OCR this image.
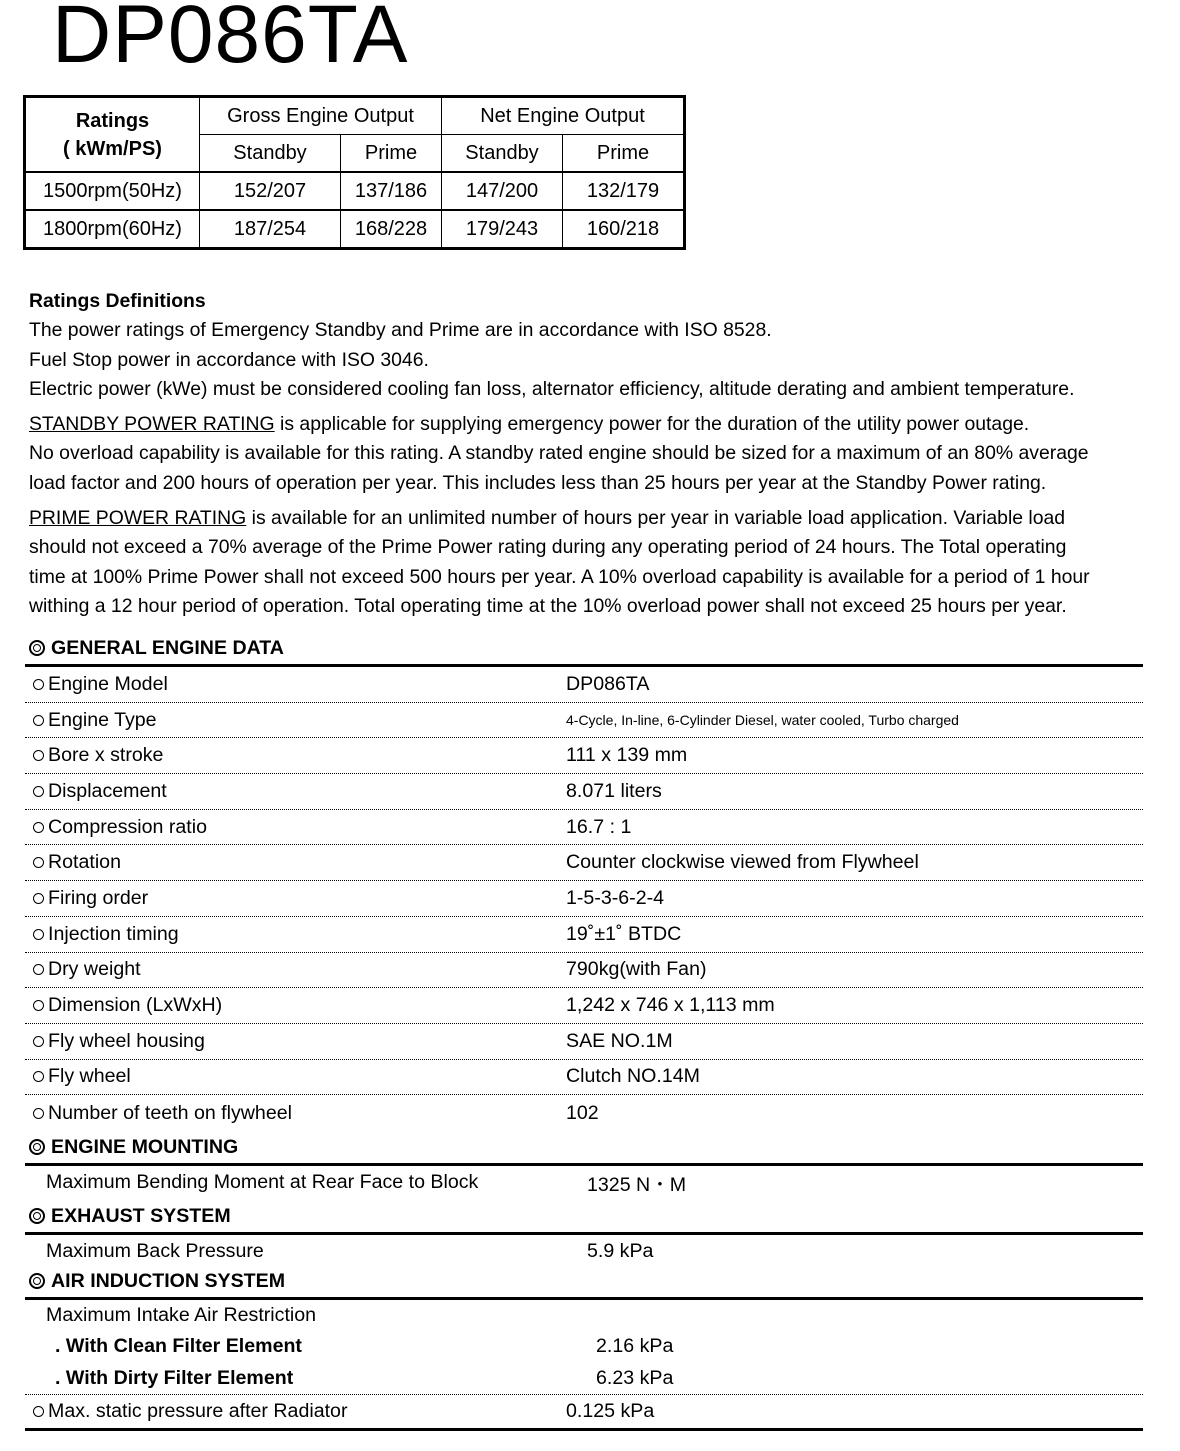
DP086TA
Ratings
( kWm/PS)	Gross Engine Output		Net Engine Output	
	Standby	Prime	Standby	Prime
1500rpm(50Hz)	152/207	137/186	147/200	132/179
1800rpm(60Hz)	187/254	168/228	179/243	160/218

Ratings Definitions

The power ratings of Emergency Standby and Prime are in accordance with ISO 8528.

Fuel Stop power in accordance with ISO 3046.

Electric power (kWe) must be considered cooling fan loss, alternator efficiency, altitude derating and ambient temperature.

STANDBY POWER RATING is applicable for supplying emergency power for the duration of the utility power outage.

No overload capability is available for this rating. A standby rated engine should be sized for a maximum of an 80% average

load factor and 200 hours of operation per year. This includes less than 25 hours per year at the Standby Power rating.

PRIME POWER RATING is available for an unlimited number of hours per year in variable load application. Variable load

should not exceed a 70% average of the Prime Power rating during any operating period of 24 hours. The Total operating

time at 100% Prime Power shall not exceed 500 hours per year. A 10% overload capability is available for a period of 1 hour

withing a 12 hour period of operation. Total operating time at the 10% overload power shall not exceed 25 hours per year.

GENERAL ENGINE DATA
Engine Model	DP086TA
Engine Type	4-Cycle, In-line, 6-Cylinder Diesel, water cooled, Turbo charged
Bore x stroke	111 x 139 mm
Displacement	8.071 liters
Compression ratio	16.7 : 1
Rotation	Counter clockwise viewed from Flywheel
Firing order	1-5-3-6-2-4
Injection timing	19˚±1˚ BTDC
Dry weight	790kg(with Fan)
Dimension (LxWxH)	1,242 x 746 x 1,113 mm
Fly wheel housing	SAE NO.1M
Fly wheel	Clutch NO.14M
Number of teeth on flywheel	102
ENGINE MOUNTING
Maximum Bending Moment at Rear Face to Block	1325 N・M
EXHAUST SYSTEM
Maximum Back Pressure	5.9 kPa
AIR INDUCTION SYSTEM
Maximum Intake Air Restriction
. With Clean Filter Element	2.16 kPa
. With Dirty Filter Element	6.23 kPa
Max. static pressure after Radiator	0.125 kPa
